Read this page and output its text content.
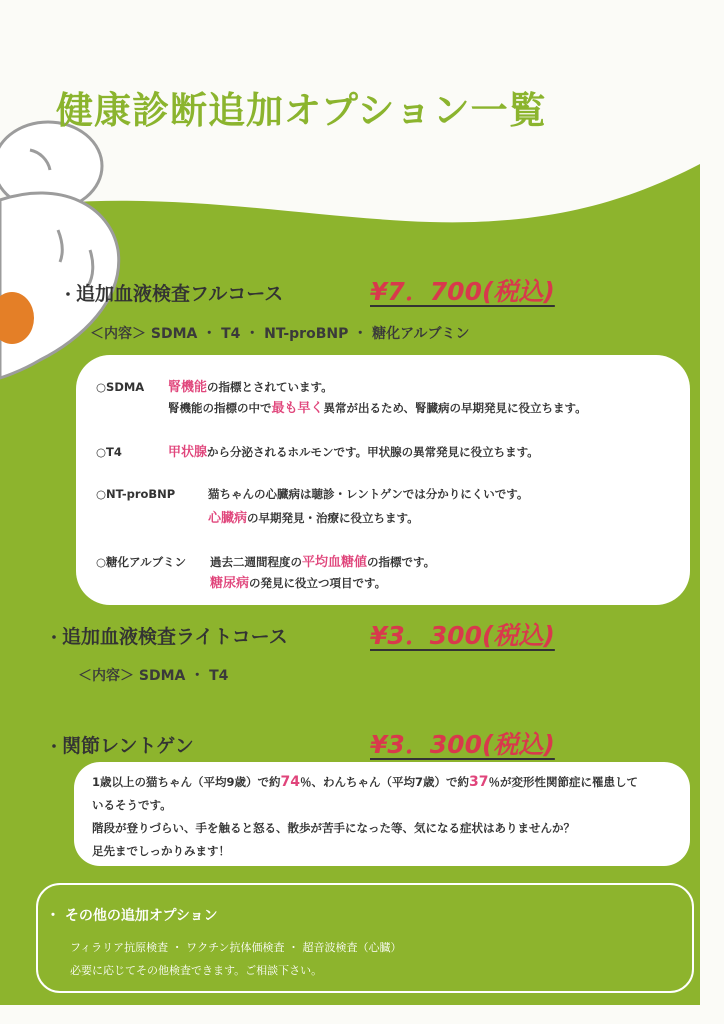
健康診断追加オプション一覧
・追加血液検査フルコース	¥7．700(税込)
＜内容＞ SDMA ・ T4 ・ NT-proBNP ・ 糖化アルブミン
○SDMA 腎機能の指標とされています。
腎機能の指標の中で最も早く異常が出るため、腎臓病の早期発見に役立ちます。
○T4	甲状腺から分泌されるホルモンです。甲状腺の異常発見に役立ちます。
○NT-proBNP	猫ちゃんの心臓病は聴診・レントゲンでは分かりにくいです。
心臓病の早期発見・治療に役立ちます。
○糖化アルブミン 過去二週間程度の平均血糖値の指標です。
糖尿病の発見に役立つ項目です。
・追加血液検査ライトコース	¥3．300(税込)
＜内容＞ SDMA ・ T4
・関節レントゲン	¥3．300(税込)
1歳以上の猫ちゃん（平均9歳）で約74％、わんちゃん（平均7歳）で約37％が変形性関節症に罹患して
いるそうです。
階段が登りづらい、手を触ると怒る、散歩が苦手になった等、気になる症状はありませんか？
足先までしっかりみます！
・ その他の追加オプション
フィラリア抗原検査 ・ ワクチン抗体価検査 ・ 超音波検査（心臓）
必要に応じてその他検査できます。ご相談下さい。
